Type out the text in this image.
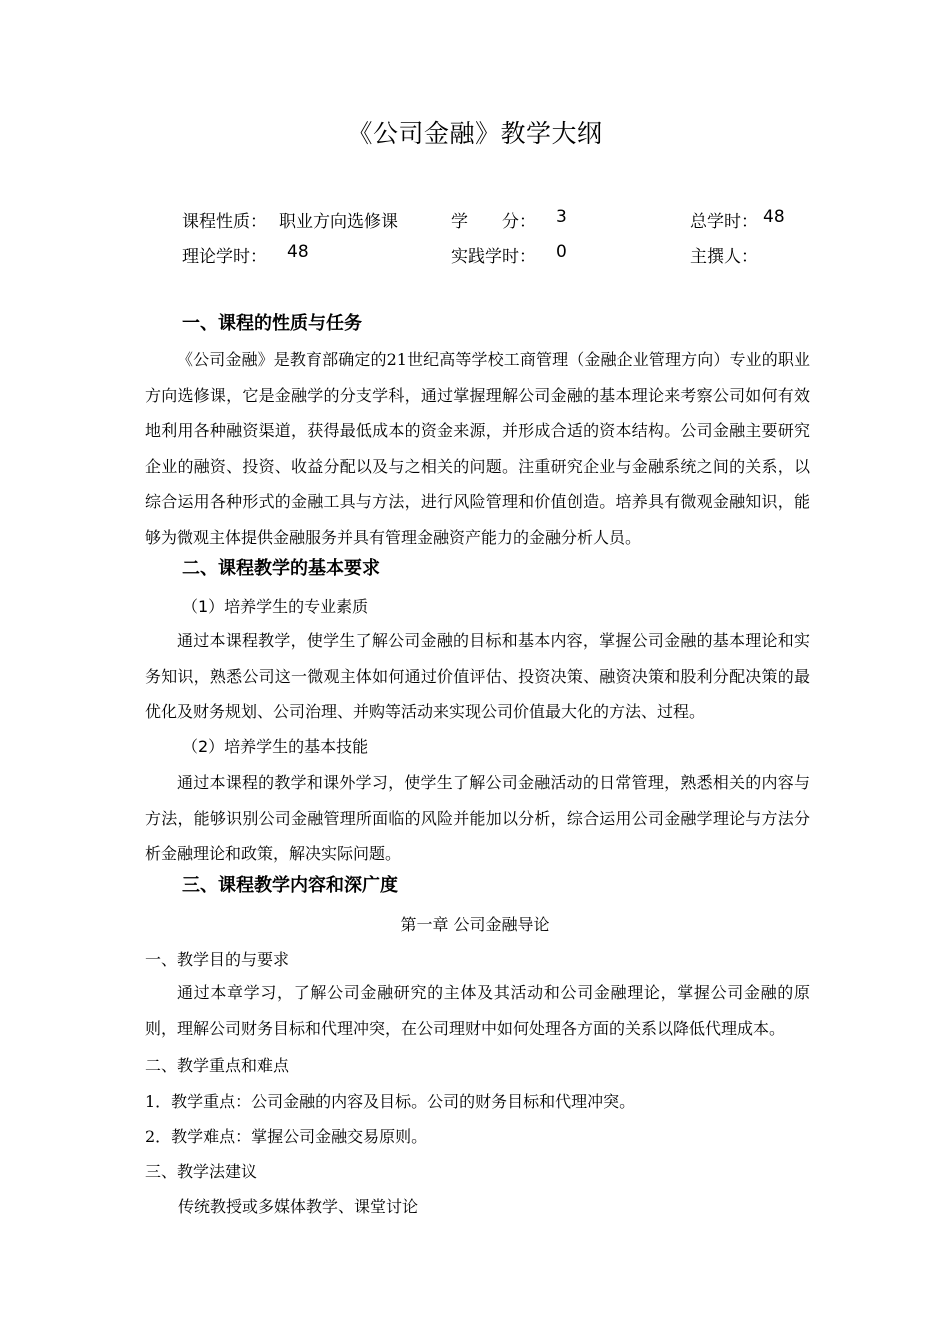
《公司金融》教学大纲
课程性质： 职业方向选修课	学　　分： 3	总学时： 48
理论学时： 48	实践学时： 0	主撰人：
一、课程的性质与任务
《公司金融》是教育部确定的21世纪高等学校工商管理（金融企业管理方向）专业的职业方向选修课，它是金融学的分支学科，通过掌握理解公司金融的基本理论来考察公司如何有效地利用各种融资渠道，获得最低成本的资金来源，并形成合适的资本结构。公司金融主要研究企业的融资、投资、收益分配以及与之相关的问题。注重研究企业与金融系统之间的关系，以综合运用各种形式的金融工具与方法，进行风险管理和价值创造。培养具有微观金融知识，能够为微观主体提供金融服务并具有管理金融资产能力的金融分析人员。
二、课程教学的基本要求
（1）培养学生的专业素质
通过本课程教学，使学生了解公司金融的目标和基本内容，掌握公司金融的基本理论和实务知识，熟悉公司这一微观主体如何通过价值评估、投资决策、融资决策和股利分配决策的最优化及财务规划、公司治理、并购等活动来实现公司价值最大化的方法、过程。
（2）培养学生的基本技能
通过本课程的教学和课外学习，使学生了解公司金融活动的日常管理，熟悉相关的内容与方法，能够识别公司金融管理所面临的风险并能加以分析，综合运用公司金融学理论与方法分析金融理论和政策，解决实际问题。
三、课程教学内容和深广度
第一章 公司金融导论
一、教学目的与要求
通过本章学习，了解公司金融研究的主体及其活动和公司金融理论，掌握公司金融的原则，理解公司财务目标和代理冲突，在公司理财中如何处理各方面的关系以降低代理成本。
二、教学重点和难点
1．教学重点：公司金融的内容及目标。公司的财务目标和代理冲突。
2．教学难点：掌握公司金融交易原则。
三、教学法建议
传统教授或多媒体教学、课堂讨论
